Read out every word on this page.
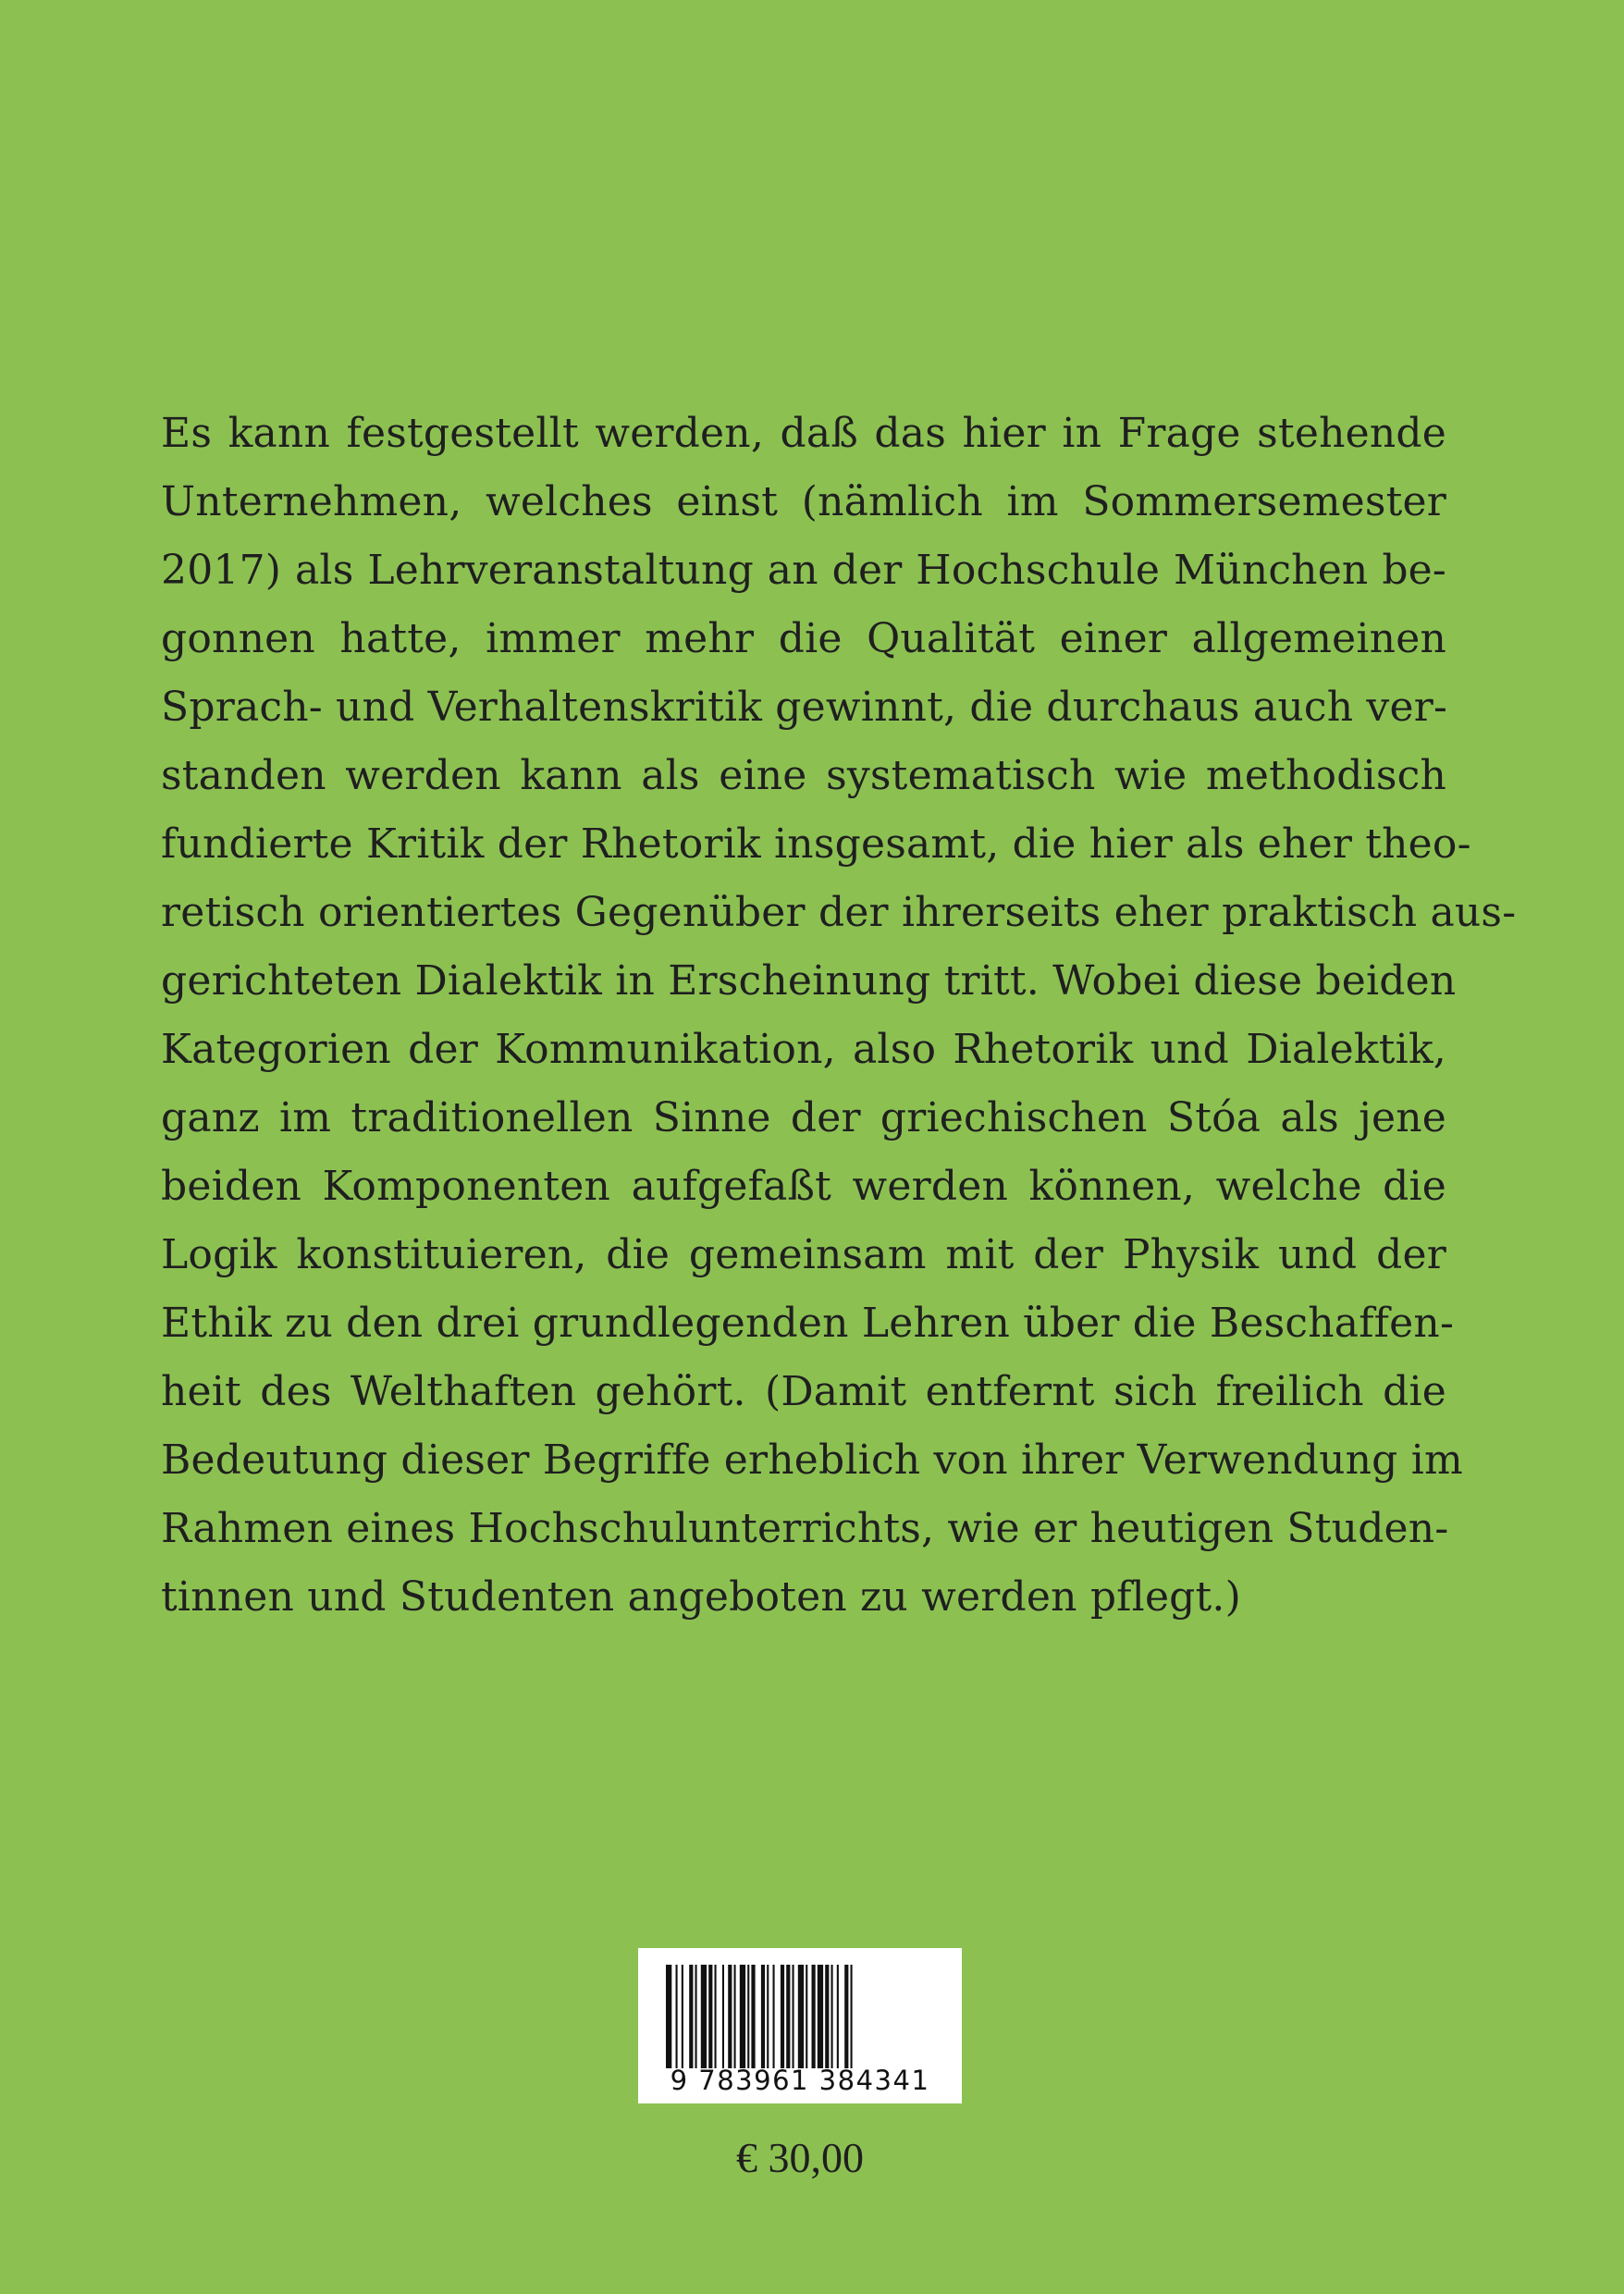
Es kann festgestellt werden, daß das hier in Frage stehende
Unternehmen, welches einst (nämlich im Sommersemester
2017) als Lehrveranstaltung an der Hochschule München be-
gonnen hatte, immer mehr die Qualität einer allgemeinen
Sprach- und Verhaltenskritik gewinnt, die durchaus auch ver-
standen werden kann als eine systematisch wie methodisch
fundierte Kritik der Rhetorik insgesamt, die hier als eher theo-
retisch orientiertes Gegenüber der ihrerseits eher praktisch aus-
gerichteten Dialektik in Erscheinung tritt. Wobei diese beiden
Kategorien der Kommunikation, also Rhetorik und Dialektik,
ganz im traditionellen Sinne der griechischen Stóa als jene
beiden Komponenten aufgefaßt werden können, welche die
Logik konstituieren, die gemeinsam mit der Physik und der
Ethik zu den drei grundlegenden Lehren über die Beschaffen-
heit des Welthaften gehört. (Damit entfernt sich freilich die
Bedeutung dieser Begriffe erheblich von ihrer Verwendung im
Rahmen eines Hochschulunterrichts, wie er heutigen Studen-
tinnen und Studenten angeboten zu werden pflegt.)
9 783961 384341
€ 30,00
